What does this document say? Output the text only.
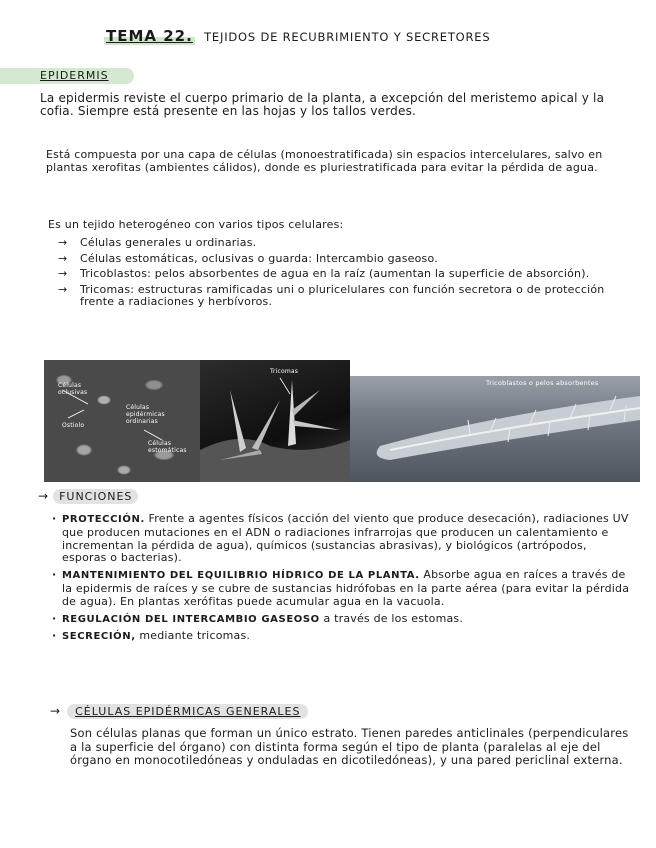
TEMA 22. TEJIDOS DE RECUBRIMIENTO Y SECRETORES
EPIDERMIS
La epidermis reviste el cuerpo primario de la planta, a excepción del meristemo apical y la cofia. Siempre está presente en las hojas y los tallos verdes.
Está compuesta por una capa de células (monoestratificada) sin espacios intercelulares, salvo en plantas xerofitas (ambientes cálidos), donde es pluriestratificada para evitar la pérdida de agua.
Es un tejido heterogéneo con varios tipos celulares:
→ Células generales u ordinarias.
→ Células estomáticas, oclusivas o guarda: Intercambio gaseoso.
→ Tricoblastos: pelos absorbentes de agua en la raíz (aumentan la superficie de absorción).
→ Tricomas: estructuras ramificadas uni o pluricelulares con función secretora o de protección frente a radiaciones y herbívoros.
Células oclusivas
Células epidérmicas ordinarias
Ostiolo
Células estomáticas
Tricomas
Tricoblastos o pelos absorbentes
→ FUNCIONES
· PROTECCIÓN. Frente a agentes físicos (acción del viento que produce desecación), radiaciones UV que producen mutaciones en el ADN o radiaciones infrarrojas que producen un calentamiento e incrementan la pérdida de agua), químicos (sustancias abrasivas), y biológicos (artrópodos, esporas o bacterias).
· MANTENIMIENTO DEL EQUILIBRIO HÍDRICO DE LA PLANTA. Absorbe agua en raíces a través de la epidermis de raíces y se cubre de sustancias hidrófobas en la parte aérea (para evitar la pérdida de agua). En plantas xerófitas puede acumular agua en la vacuola.
· REGULACIÓN DEL INTERCAMBIO GASEOSO a través de los estomas.
· SECRECIÓN, mediante tricomas.
→ CÉLULAS EPIDÉRMICAS GENERALES
Son células planas que forman un único estrato. Tienen paredes anticlinales (perpendiculares a la superficie del órgano) con distinta forma según el tipo de planta (paralelas al eje del órgano en monocotiledóneas y onduladas en dicotiledóneas), y una pared periclinal externa.
